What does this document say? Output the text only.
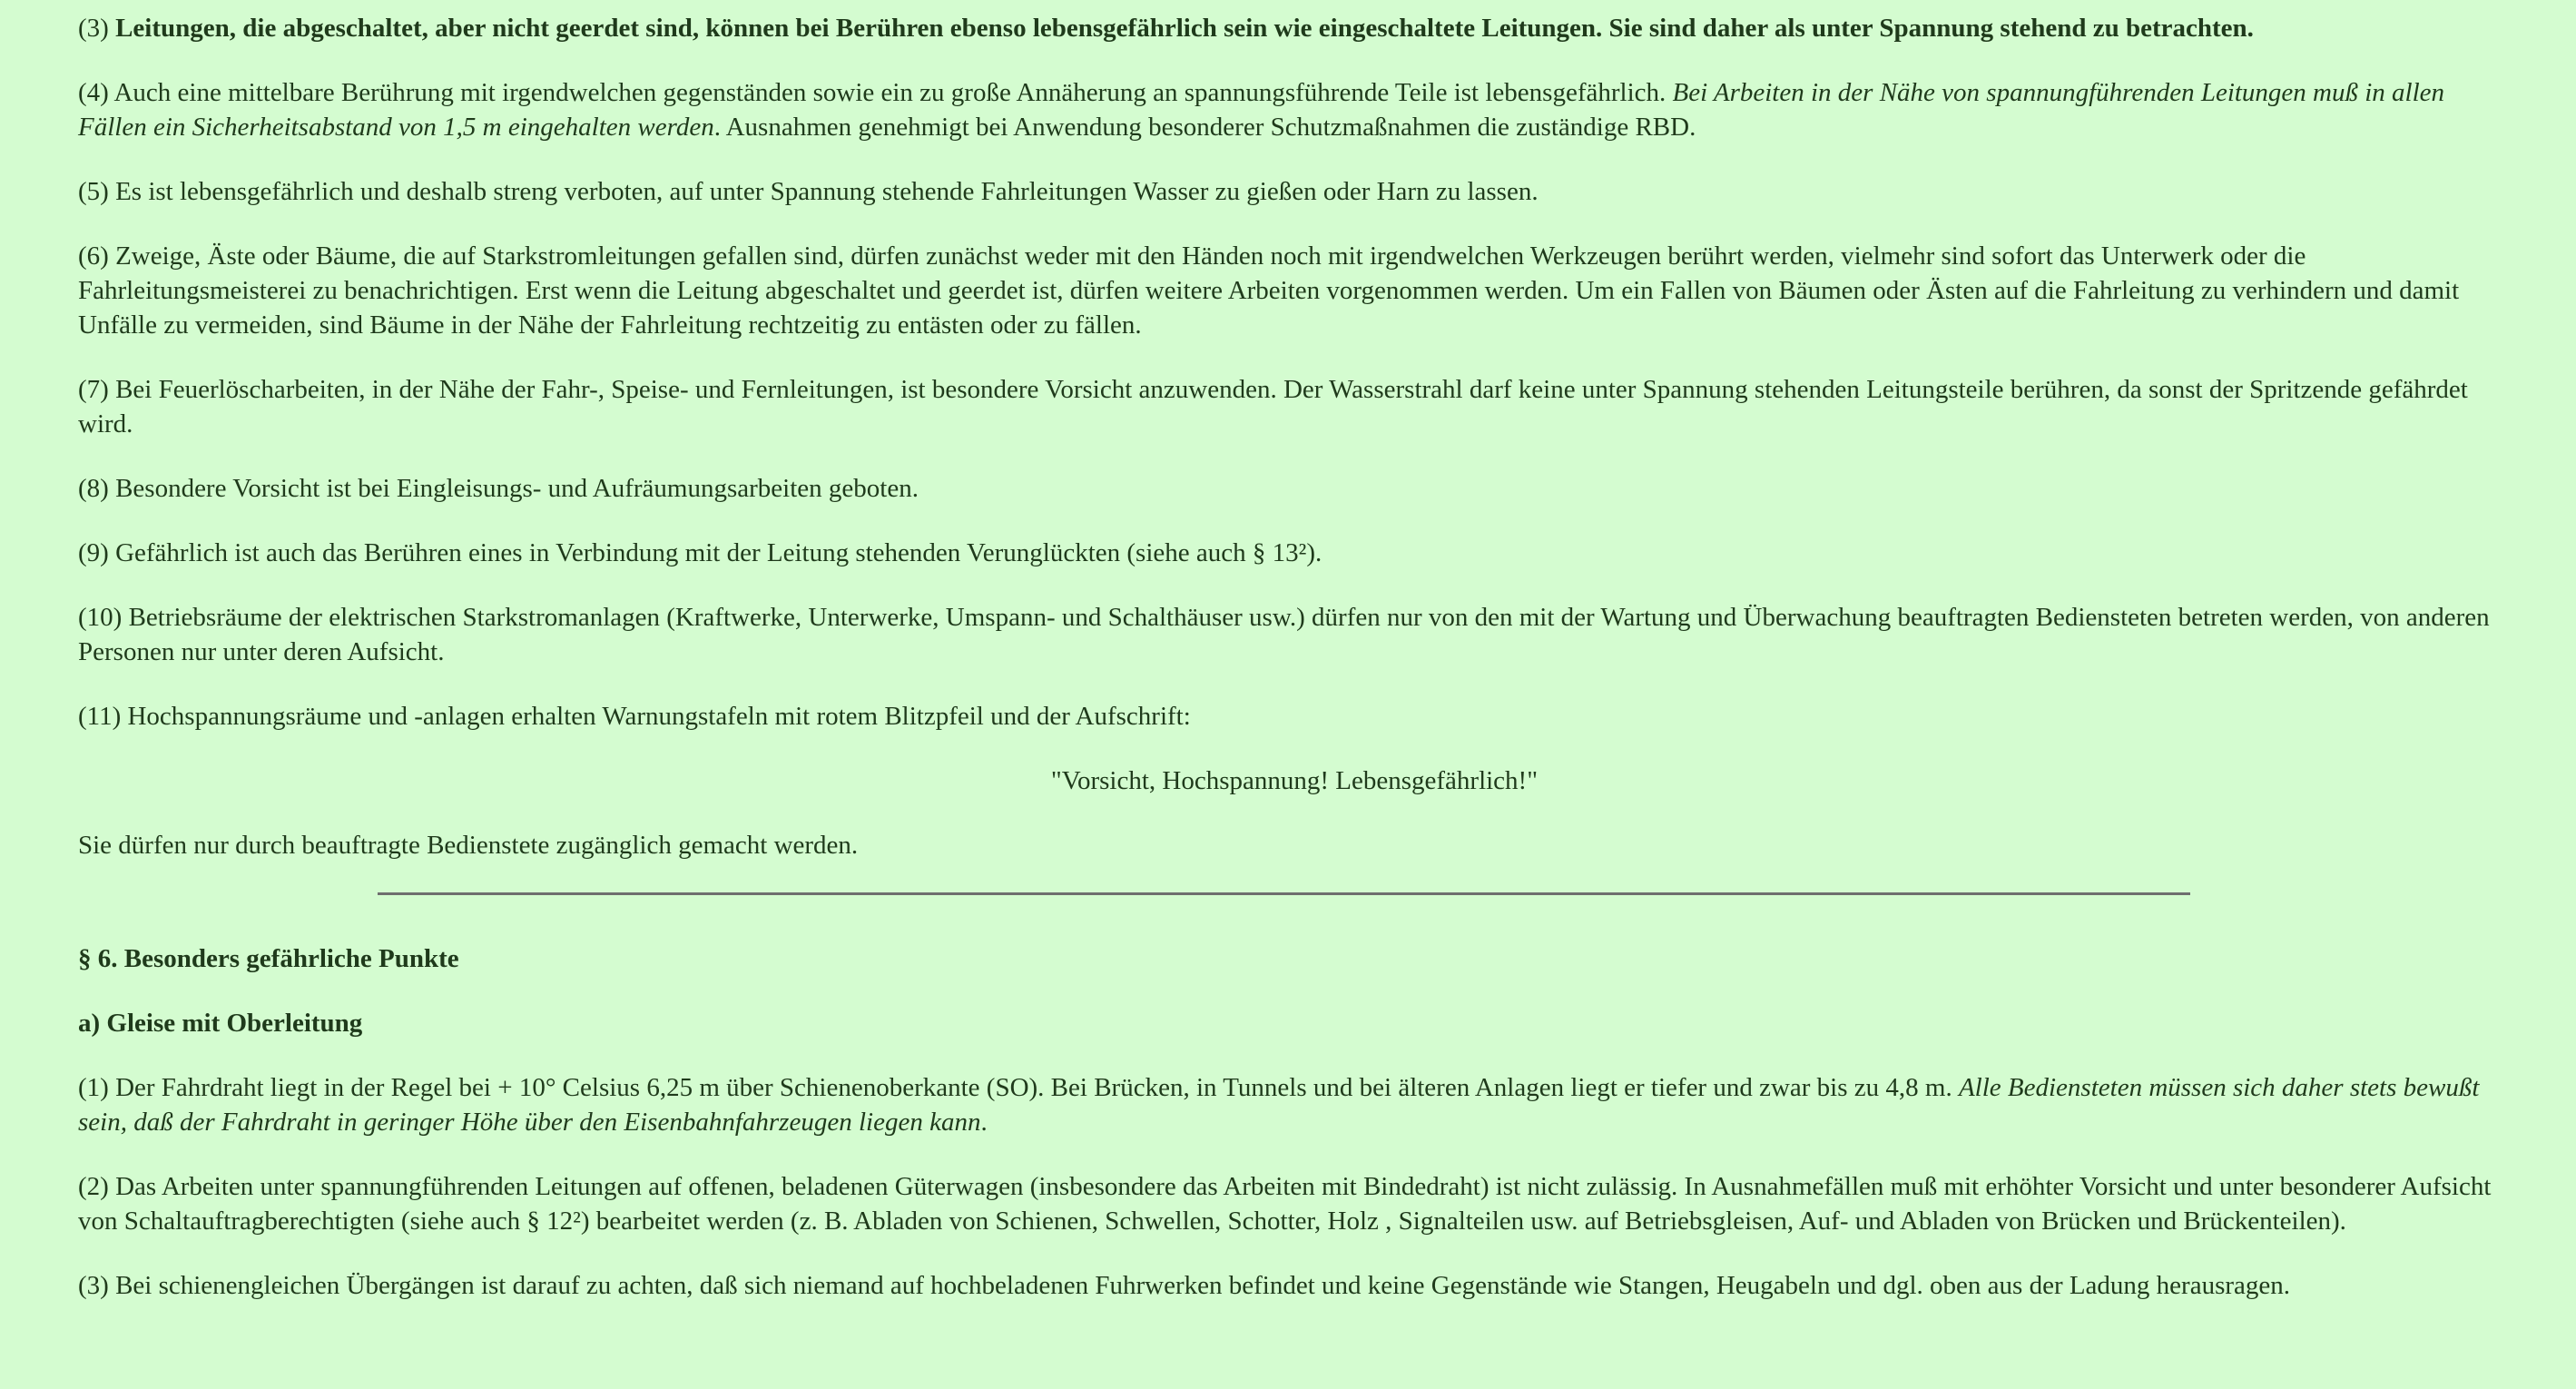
(3) Leitungen, die abgeschaltet, aber nicht geerdet sind, können bei Berühren ebenso lebensgefährlich sein wie eingeschaltete Leitungen. Sie sind daher als unter Spannung stehend zu betrachten.

(4) Auch eine mittelbare Berührung mit irgendwelchen gegenständen sowie ein zu große Annäherung an spannungsführende Teile ist lebensgefährlich. Bei Arbeiten in der Nähe von spannungführenden Leitungen muß in allen Fällen ein Sicherheitsabstand von 1,5 m eingehalten werden. Ausnahmen genehmigt bei Anwendung besonderer Schutzmaßnahmen die zuständige RBD.

(5) Es ist lebensgefährlich und deshalb streng verboten, auf unter Spannung stehende Fahrleitungen Wasser zu gießen oder Harn zu lassen.

(6) Zweige, Äste oder Bäume, die auf Starkstromleitungen gefallen sind, dürfen zunächst weder mit den Händen noch mit irgendwelchen Werkzeugen berührt werden, vielmehr sind sofort das Unterwerk oder die Fahrleitungsmeisterei zu benachrichtigen. Erst wenn die Leitung abgeschaltet und geerdet ist, dürfen weitere Arbeiten vorgenommen werden. Um ein Fallen von Bäumen oder Ästen auf die Fahrleitung zu verhindern und damit Unfälle zu vermeiden, sind Bäume in der Nähe der Fahrleitung rechtzeitig zu entästen oder zu fällen.

(7) Bei Feuerlöscharbeiten, in der Nähe der Fahr-, Speise- und Fernleitungen, ist besondere Vorsicht anzuwenden. Der Wasserstrahl darf keine unter Spannung stehenden Leitungsteile berühren, da sonst der Spritzende gefährdet wird.

(8) Besondere Vorsicht ist bei Eingleisungs- und Aufräumungsarbeiten geboten.

(9) Gefährlich ist auch das Berühren eines in Verbindung mit der Leitung stehenden Verunglückten (siehe auch § 13²).

(10) Betriebsräume der elektrischen Starkstromanlagen (Kraftwerke, Unterwerke, Umspann- und Schalthäuser usw.) dürfen nur von den mit der Wartung und Überwachung beauftragten Bediensteten betreten werden, von anderen Personen nur unter deren Aufsicht.

(11) Hochspannungsräume und -anlagen erhalten Warnungstafeln mit rotem Blitzpfeil und der Aufschrift:

"Vorsicht, Hochspannung! Lebensgefährlich!"

Sie dürfen nur durch beauftragte Bedienstete zugänglich gemacht werden.

§ 6. Besonders gefährliche Punkte

a) Gleise mit Oberleitung

(1) Der Fahrdraht liegt in der Regel bei + 10° Celsius 6,25 m über Schienenoberkante (SO). Bei Brücken, in Tunnels und bei älteren Anlagen liegt er tiefer und zwar bis zu 4,8 m. Alle Bediensteten müssen sich daher stets bewußt sein, daß der Fahrdraht in geringer Höhe über den Eisenbahnfahrzeugen liegen kann.

(2) Das Arbeiten unter spannungführenden Leitungen auf offenen, beladenen Güterwagen (insbesondere das Arbeiten mit Bindedraht) ist nicht zulässig. In Ausnahmefällen muß mit erhöhter Vorsicht und unter besonderer Aufsicht von Schaltauftragberechtigten (siehe auch § 12²) bearbeitet werden (z. B. Abladen von Schienen, Schwellen, Schotter, Holz , Signalteilen usw. auf Betriebsgleisen, Auf- und Abladen von Brücken und Brückenteilen).

(3) Bei schienengleichen Übergängen ist darauf zu achten, daß sich niemand auf hochbeladenen Fuhrwerken befindet und keine Gegenstände wie Stangen, Heugabeln und dgl. oben aus der Ladung herausragen.
